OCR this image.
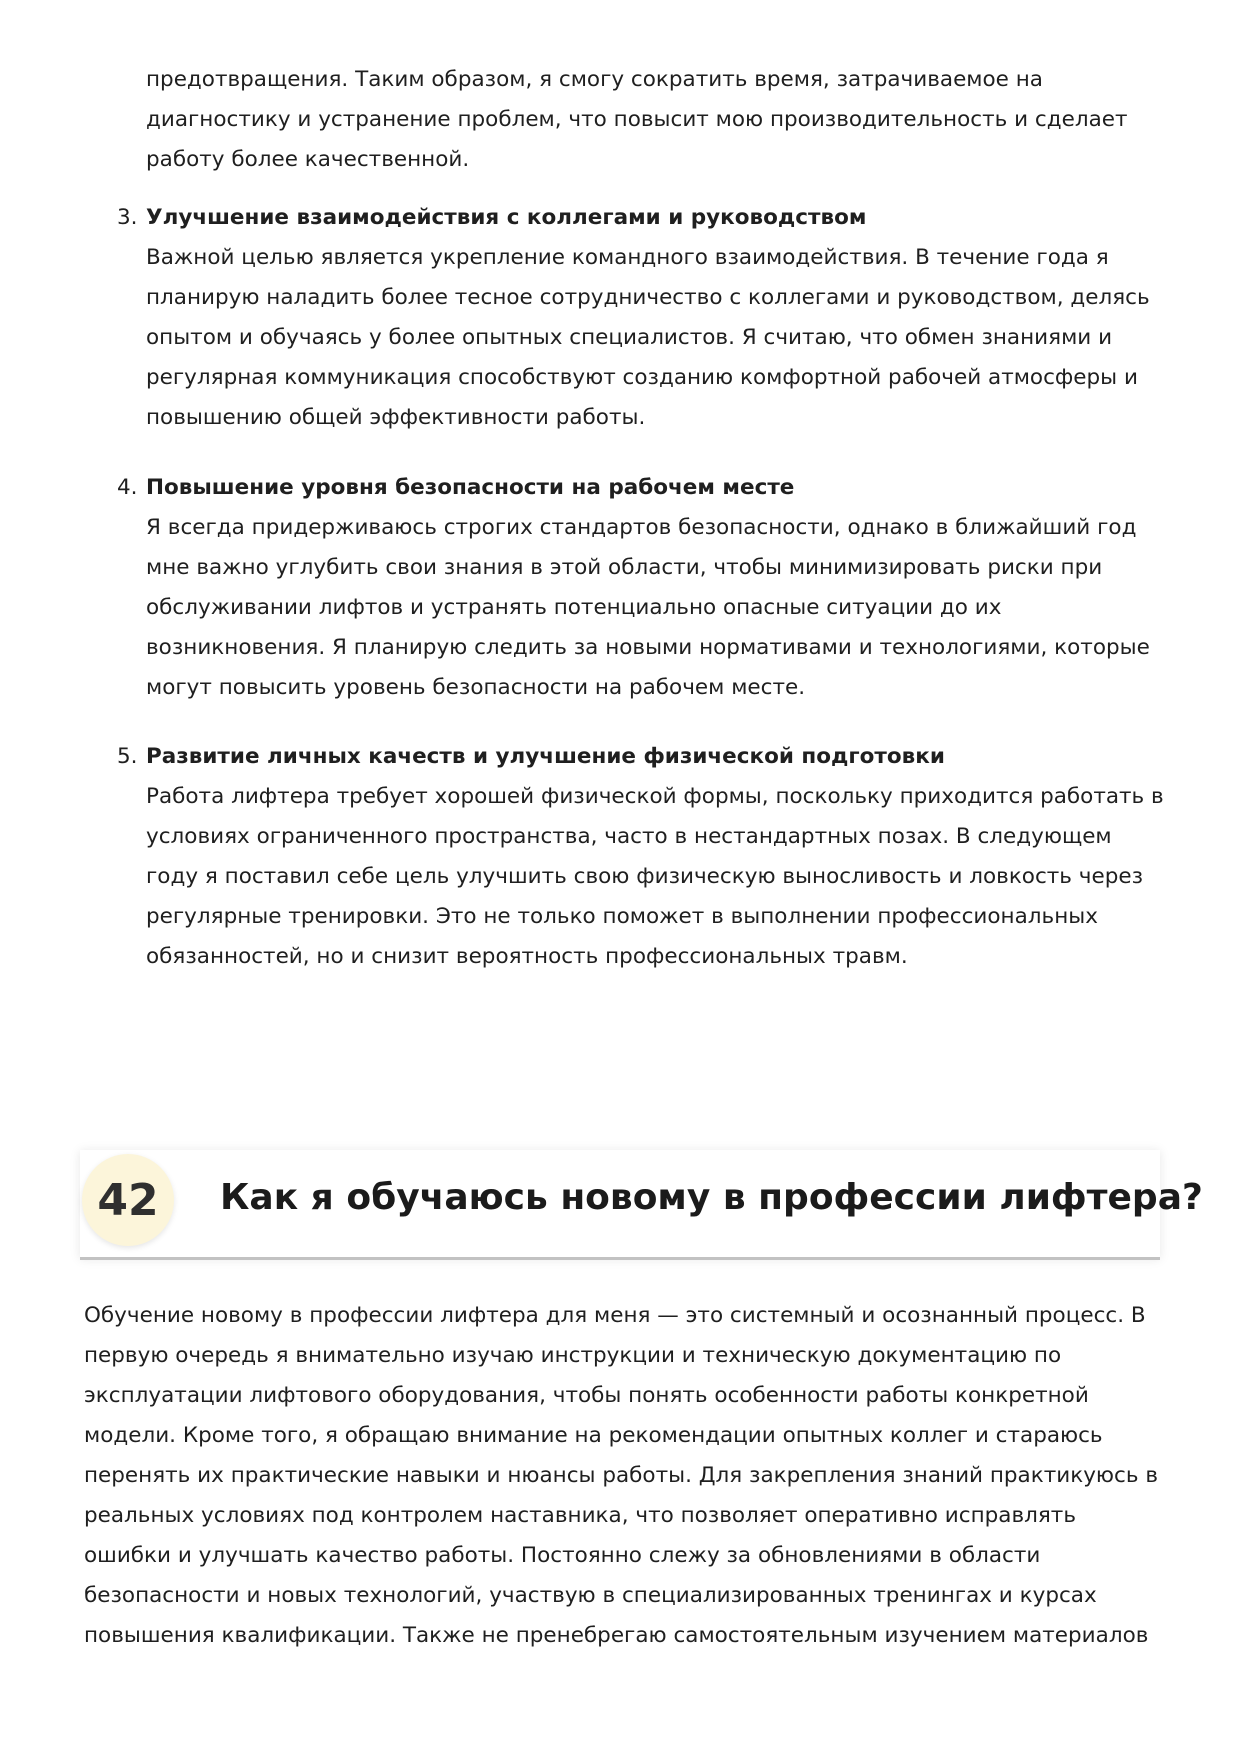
предотвращения. Таким образом, я смогу сократить время, затрачиваемое на диагностику и устранение проблем, что повысит мою производительность и сделает работу более качественной.

3. Улучшение взаимодействия с коллегами и руководством

Важной целью является укрепление командного взаимодействия. В течение года я планирую наладить более тесное сотрудничество с коллегами и руководством, делясь опытом и обучаясь у более опытных специалистов. Я считаю, что обмен знаниями и регулярная коммуникация способствуют созданию комфортной рабочей атмосферы и повышению общей эффективности работы.

4. Повышение уровня безопасности на рабочем месте

Я всегда придерживаюсь строгих стандартов безопасности, однако в ближайший год мне важно углубить свои знания в этой области, чтобы минимизировать риски при обслуживании лифтов и устранять потенциально опасные ситуации до их возникновения. Я планирую следить за новыми нормативами и технологиями, которые могут повысить уровень безопасности на рабочем месте.

5. Развитие личных качеств и улучшение физической подготовки

Работа лифтера требует хорошей физической формы, поскольку приходится работать в условиях ограниченного пространства, часто в нестандартных позах. В следующем году я поставил себе цель улучшить свою физическую выносливость и ловкость через регулярные тренировки. Это не только поможет в выполнении профессиональных обязанностей, но и снизит вероятность профессиональных травм.

42	Как я обучаюсь новому в профессии лифтера?

Обучение новому в профессии лифтера для меня — это системный и осознанный процесс. В первую очередь я внимательно изучаю инструкции и техническую документацию по эксплуатации лифтового оборудования, чтобы понять особенности работы конкретной модели. Кроме того, я обращаю внимание на рекомендации опытных коллег и стараюсь перенять их практические навыки и нюансы работы. Для закрепления знаний практикуюсь в реальных условиях под контролем наставника, что позволяет оперативно исправлять ошибки и улучшать качество работы. Постоянно слежу за обновлениями в области безопасности и новых технологий, участвую в специализированных тренингах и курсах повышения квалификации. Также не пренебрегаю самостоятельным изучением материалов
